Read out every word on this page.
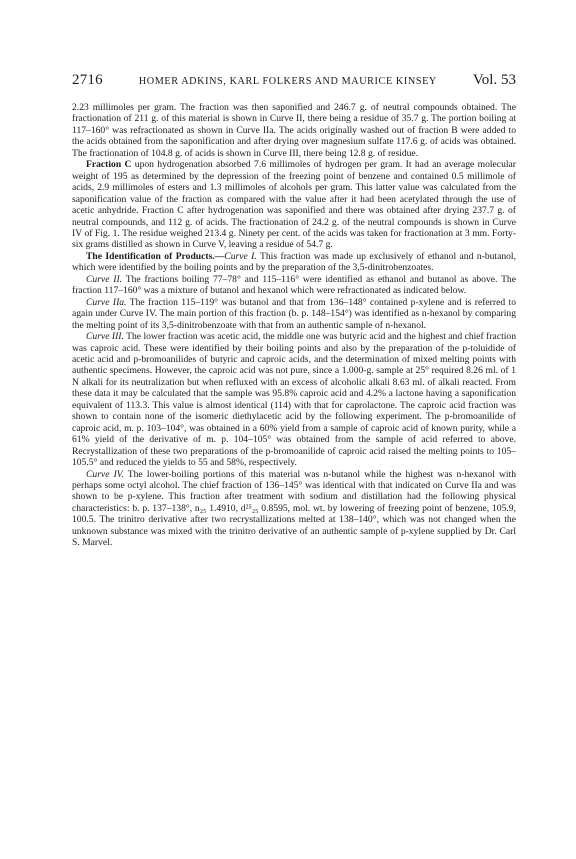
2716	HOMER ADKINS, KARL FOLKERS AND MAURICE KINSEY Vol. 53

2.23 millimoles per gram. The fraction was then saponified and 246.7 g. of neutral compounds obtained. The fractionation of 211 g. of this material is shown in Curve II, there being a residue of 35.7 g. The portion boiling at 117–160° was refractionated as shown in Curve IIa. The acids originally washed out of fraction B were added to the acids obtained from the saponification and after drying over magnesium sulfate 117.6 g. of acids was obtained. The fractionation of 104.8 g. of acids is shown in Curve III, there being 12.8 g. of residue.

Fraction C upon hydrogenation absorbed 7.6 millimoles of hydrogen per gram. It had an average molecular weight of 195 as determined by the depression of the freezing point of benzene and contained 0.5 millimole of acids, 2.9 millimoles of esters and 1.3 millimoles of alcohols per gram. This latter value was calculated from the saponification value of the fraction as compared with the value after it had been acetylated through the use of acetic anhydride. Fraction C after hydrogenation was saponified and there was obtained after drying 237.7 g. of neutral compounds, and 112 g. of acids. The fractionation of 24.2 g. of the neutral compounds is shown in Curve IV of Fig. 1. The residue weighed 213.4 g. Ninety per cent. of the acids was taken for fractionation at 3 mm. Forty-six grams distilled as shown in Curve V, leaving a residue of 54.7 g.

The Identification of Products.—Curve I. This fraction was made up exclusively of ethanol and n-butanol, which were identified by the boiling points and by the preparation of the 3,5-dinitrobenzoates.

Curve II. The fractions boiling 77–78° and 115–116° were identified as ethanol and butanol as above. The fraction 117–160° was a mixture of butanol and hexanol which were refractionated as indicated below.

Curve IIa. The fraction 115–119° was butanol and that from 136–148° contained p-xylene and is referred to again under Curve IV. The main portion of this fraction (b. p. 148–154°) was identified as n-hexanol by comparing the melting point of its 3,5-dinitrobenzoate with that from an authentic sample of n-hexanol.

Curve III. The lower fraction was acetic acid, the middle one was butyric acid and the highest and chief fraction was caproic acid. These were identified by their boiling points and also by the preparation of the p-toluidide of acetic acid and p-bromoanilides of butyric and caproic acids, and the determination of mixed melting points with authentic specimens. However, the caproic acid was not pure, since a 1.000-g. sample at 25° required 8.26 ml. of 1 N alkali for its neutralization but when refluxed with an excess of alcoholic alkali 8.63 ml. of alkali reacted. From these data it may be calculated that the sample was 95.8% caproic acid and 4.2% a lactone having a saponification equivalent of 113.3. This value is almost identical (114) with that for caprolactone. The caproic acid fraction was shown to contain none of the isomeric diethylacetic acid by the following experiment. The p-bromoanilide of caproic acid, m. p. 103–104°, was obtained in a 60% yield from a sample of caproic acid of known purity, while a 61% yield of the derivative of m. p. 104–105° was obtained from the sample of acid referred to above. Recrystallization of these two preparations of the p-bromoanilide of caproic acid raised the melting points to 105–105.5° and reduced the yields to 55 and 58%, respectively.

Curve IV. The lower-boiling portions of this material was n-butanol while the highest was n-hexanol with perhaps some octyl alcohol. The chief fraction of 136–145° was identical with that indicated on Curve IIa and was shown to be p-xylene. This fraction after treatment with sodium and distillation had the following physical characteristics: b. p. 137–138°, n₂₅ 1.4910, d²⁵₂₅ 0.8595, mol. wt. by lowering of freezing point of benzene, 105.9, 100.5. The trinitro derivative after two recrystallizations melted at 138–140°, which was not changed when the unknown substance was mixed with the trinitro derivative of an authentic sample of p-xylene supplied by Dr. Carl S. Marvel.
